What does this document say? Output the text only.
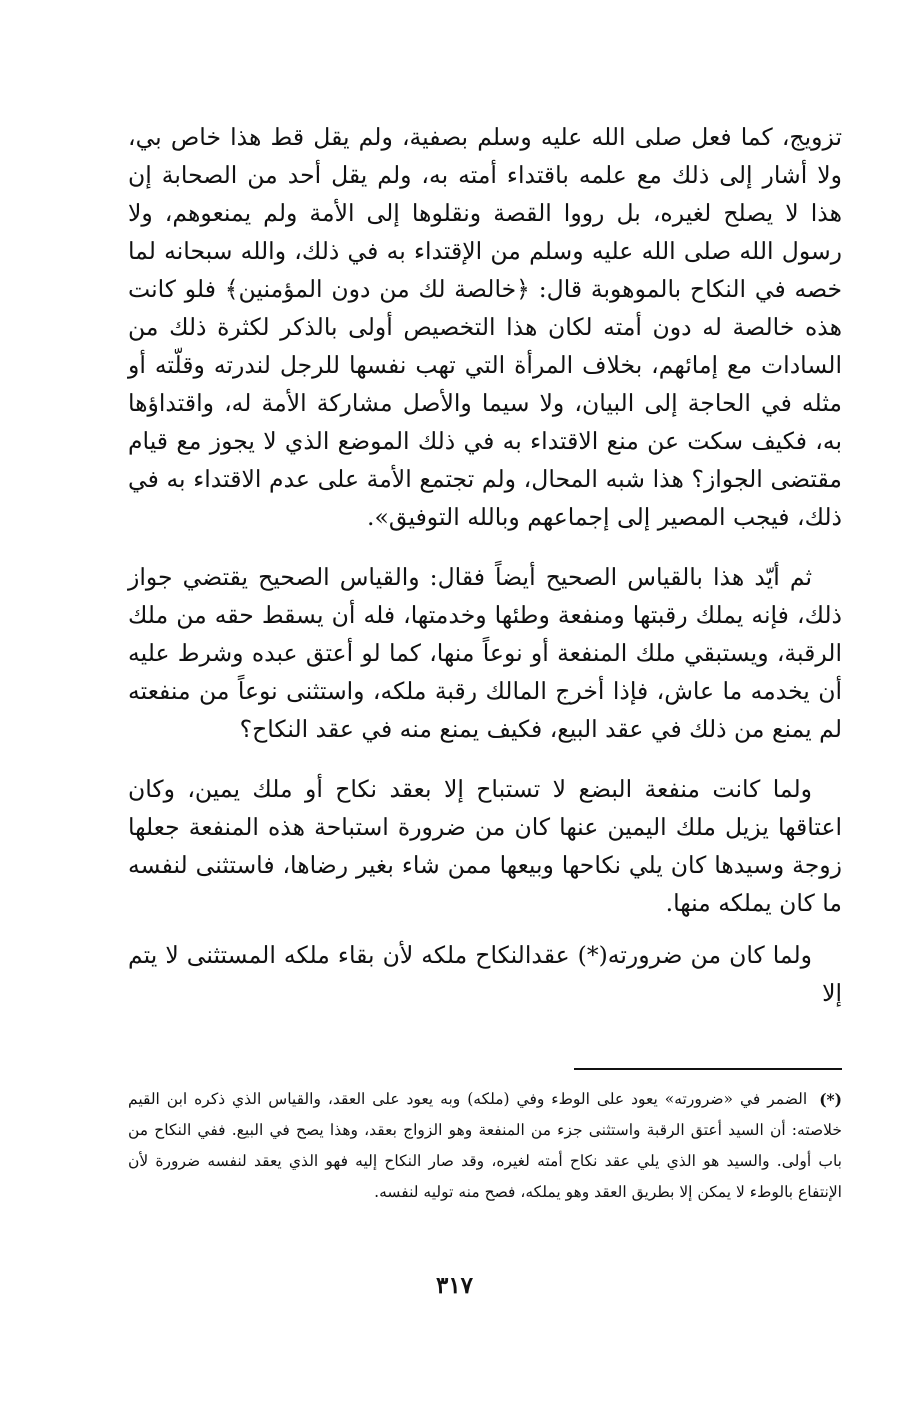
تزويج، كما فعل صلى الله عليه وسلم بصفية، ولم يقل قط هذا خاص بي، ولا أشار إلى ذلك مع علمه باقتداء أمته به، ولم يقل أحد من الصحابة إن هذا لا يصلح لغيره، بل رووا القصة ونقلوها إلى الأمة ولم يمنعوهم، ولا رسول الله صلى الله عليه وسلم من الإقتداء به في ذلك، والله سبحانه لما خصه في النكاح بالموهوبة قال: ﴿خالصة لك من دون المؤمنين﴾ فلو كانت هذه خالصة له دون أمته لكان هذا التخصيص أولى بالذكر لكثرة ذلك من السادات مع إمائهم، بخلاف المرأة التي تهب نفسها للرجل لندرته وقلّته أو مثله في الحاجة إلى البيان، ولا سيما والأصل مشاركة الأمة له، واقتداؤها به، فكيف سكت عن منع الاقتداء به في ذلك الموضع الذي لا يجوز مع قيام مقتضى الجواز؟ هذا شبه المحال، ولم تجتمع الأمة على عدم الاقتداء به في ذلك، فيجب المصير إلى إجماعهم وبالله التوفيق».

ثم أيّد هذا بالقياس الصحيح أيضاً فقال: والقياس الصحيح يقتضي جواز ذلك، فإنه يملك رقبتها ومنفعة وطئها وخدمتها، فله أن يسقط حقه من ملك الرقبة، ويستبقي ملك المنفعة أو نوعاً منها، كما لو أعتق عبده وشرط عليه أن يخدمه ما عاش، فإذا أخرج المالك رقبة ملكه، واستثنى نوعاً من منفعته لم يمنع من ذلك في عقد البيع، فكيف يمنع منه في عقد النكاح؟

ولما كانت منفعة البضع لا تستباح إلا بعقد نكاح أو ملك يمين، وكان اعتاقها يزيل ملك اليمين عنها كان من ضرورة استباحة هذه المنفعة جعلها زوجة وسيدها كان يلي نكاحها وبيعها ممن شاء بغير رضاها، فاستثنى لنفسه ما كان يملكه منها.

ولما كان من ضرورته(*) عقدالنكاح ملكه لأن بقاء ملكه المستثنى لا يتم إلا

(*)
الضمر في «ضرورته» يعود على الوطء وفي (ملكه) وبه يعود على العقد، والقياس الذي ذكره ابن القيم خلاصته: أن السيد أعتق الرقبة واستثنى جزء من المنفعة وهو الزواج بعقد، وهذا يصح في البيع. ففي النكاح من باب أولى. والسيد هو الذي يلي عقد نكاح أمته لغيره، وقد صار النكاح إليه فهو الذي يعقد لنفسه ضرورة لأن الإنتفاع بالوطء لا يمكن إلا بطريق العقد وهو يملكه، فصح منه توليه لنفسه.
٣١٧
